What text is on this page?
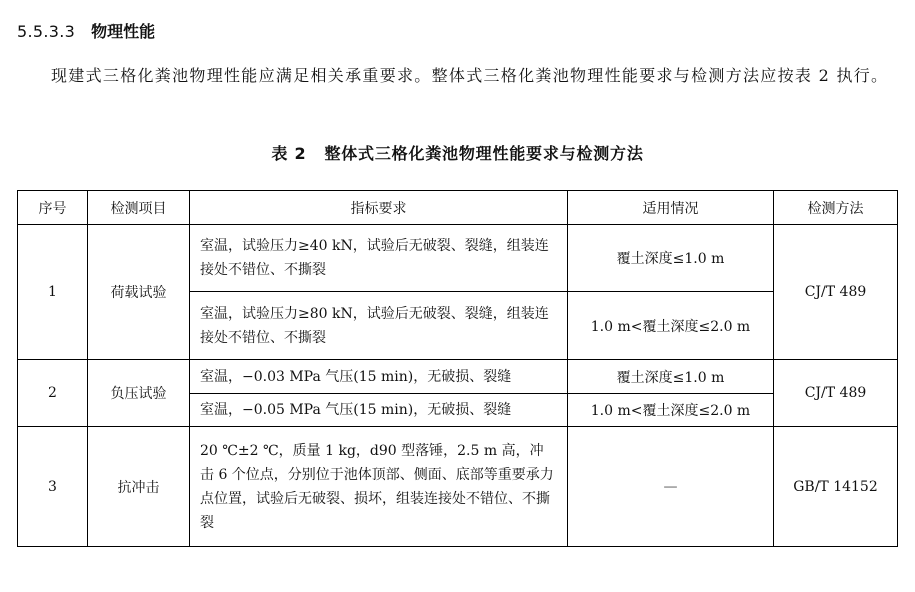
5.5.3.3 物理性能
现建式三格化粪池物理性能应满足相关承重要求。整体式三格化粪池物理性能要求与检测方法应按表 2 执行。
表 2 整体式三格化粪池物理性能要求与检测方法
序号	检测项目	指标要求	适用情况	检测方法
1	荷载试验	室温，试验压力≥40 kN，试验后无破裂、裂缝，组装连接处不错位、不撕裂	覆土深度≤1.0 m	CJ/T 489
		室温，试验压力≥80 kN，试验后无破裂、裂缝，组装连接处不错位、不撕裂	1.0 m<覆土深度≤2.0 m	
2	负压试验	室温，−0.03 MPa 气压(15 min)，无破损、裂缝	覆土深度≤1.0 m	CJ/T 489
		室温，−0.05 MPa 气压(15 min)，无破损、裂缝	1.0 m<覆土深度≤2.0 m	
3	抗冲击	20 ℃±2 ℃，质量 1 kg，d90 型落锤，2.5 m 高，冲击 6 个位点，分别位于池体顶部、侧面、底部等重要承力点位置，试验后无破裂、损坏，组装连接处不错位、不撕裂	—	GB/T 14152
